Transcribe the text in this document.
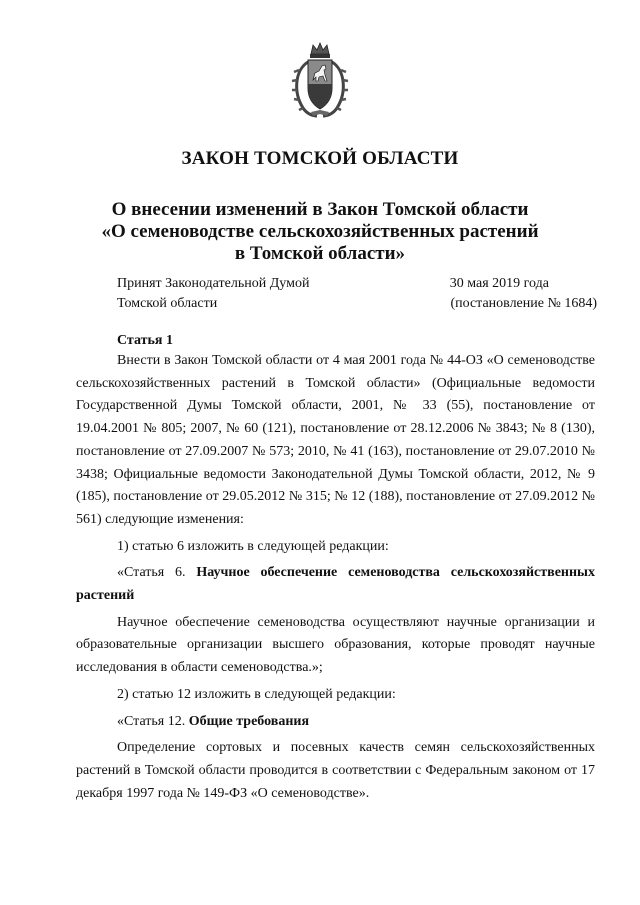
ЗАКОН ТОМСКОЙ ОБЛАСТИ
О внесении изменений в Закон Томской области
«О семеноводстве сельскохозяйственных растений
в Томской области»
Принят Законодательной Думой
Томской области
30 мая 2019 года
(постановление № 1684)
Статья 1

Внести в Закон Томской области от 4 мая 2001 года № 44-ОЗ «О семеноводстве сельскохозяйственных растений в Томской области» (Официальные ведомости Государственной Думы Томской области, 2001, № 33 (55), постановление от 19.04.2001 № 805; 2007, № 60 (121), постановление от 28.12.2006 № 3843; № 8 (130), постановление от 27.09.2007 № 573; 2010, № 41 (163), постановление от 29.07.2010 № 3438; Официальные ведомости Законодательной Думы Томской области, 2012, № 9 (185), постановление от 29.05.2012 № 315; № 12 (188), постановление от 27.09.2012 № 561) следующие изменения:

1) статью 6 изложить в следующей редакции:

«Статья 6. Научное обеспечение семеноводства сельскохозяйственных растений

Научное обеспечение семеноводства осуществляют научные организации и образовательные организации высшего образования, которые проводят научные исследования в области семеноводства.»;

2) статью 12 изложить в следующей редакции:

«Статья 12. Общие требования

Определение сортовых и посевных качеств семян сельскохозяйственных растений в Томской области проводится в соответствии с Федеральным законом от 17 декабря 1997 года № 149-ФЗ «О семеноводстве».
